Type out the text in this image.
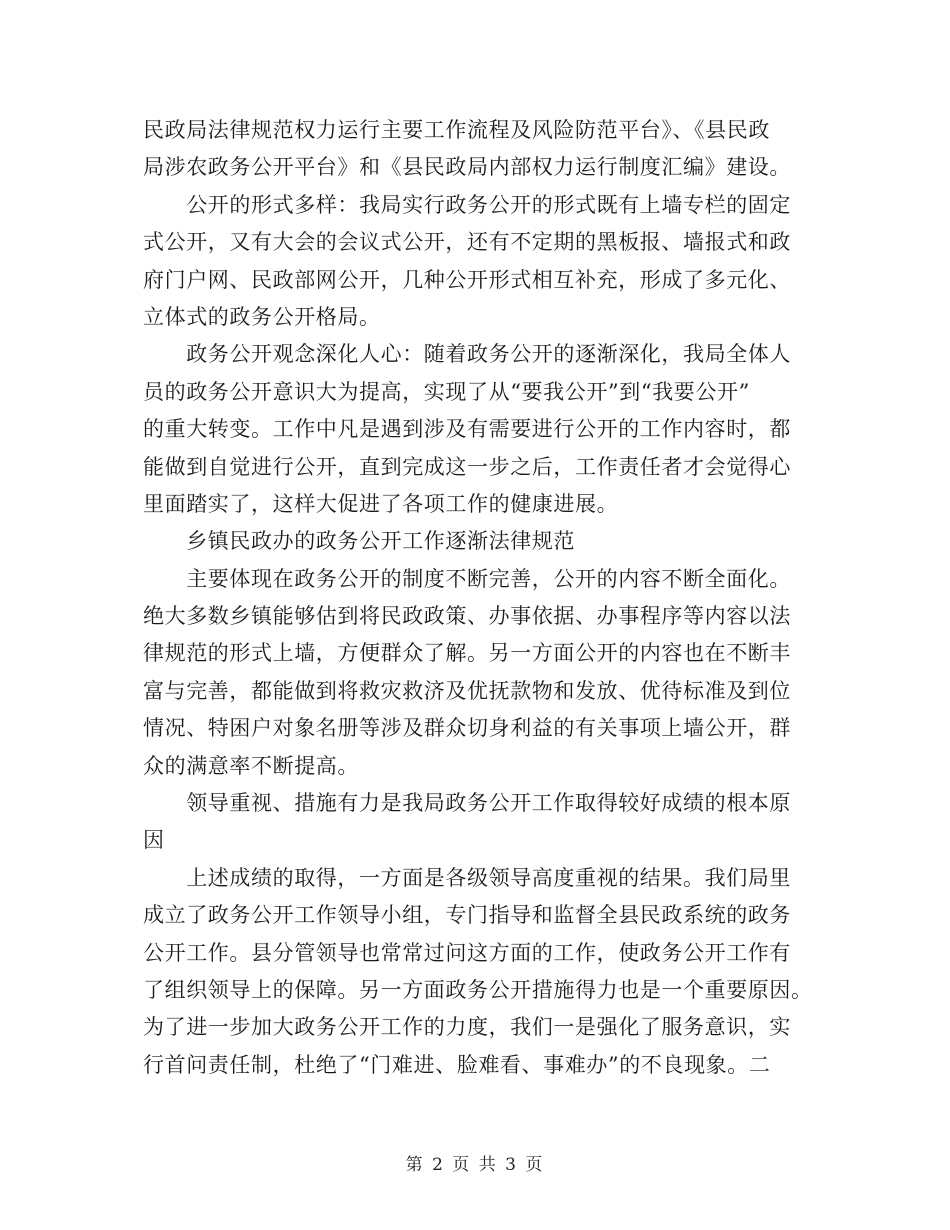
民政局法律规范权力运行主要工作流程及风险防范平台》、《县民政
局涉农政务公开平台》和《县民政局内部权力运行制度汇编》建设。
　　公开的形式多样：我局实行政务公开的形式既有上墙专栏的固定
式公开，又有大会的会议式公开，还有不定期的黑板报、墙报式和政
府门户网、民政部网公开，几种公开形式相互补充，形成了多元化、
立体式的政务公开格局。
　　政务公开观念深化人心：随着政务公开的逐渐深化，我局全体人
员的政务公开意识大为提高，实现了从“要我公开”到“我要公开”
的重大转变。工作中凡是遇到涉及有需要进行公开的工作内容时，都
能做到自觉进行公开，直到完成这一步之后，工作责任者才会觉得心
里面踏实了，这样大促进了各项工作的健康进展。
　　乡镇民政办的政务公开工作逐渐法律规范
　　主要体现在政务公开的制度不断完善，公开的内容不断全面化。
绝大多数乡镇能够估到将民政政策、办事依据、办事程序等内容以法
律规范的形式上墙，方便群众了解。另一方面公开的内容也在不断丰
富与完善，都能做到将救灾救济及优抚款物和发放、优待标准及到位
情况、特困户对象名册等涉及群众切身利益的有关事项上墙公开，群
众的满意率不断提高。
　　领导重视、措施有力是我局政务公开工作取得较好成绩的根本原
因
　　上述成绩的取得，一方面是各级领导高度重视的结果。我们局里
成立了政务公开工作领导小组，专门指导和监督全县民政系统的政务
公开工作。县分管领导也常常过问这方面的工作，使政务公开工作有
了组织领导上的保障。另一方面政务公开措施得力也是一个重要原因。
为了进一步加大政务公开工作的力度，我们一是强化了服务意识，实
行首问责任制，杜绝了“门难进、脸难看、事难办”的不良现象。二
第 2 页 共 3 页
